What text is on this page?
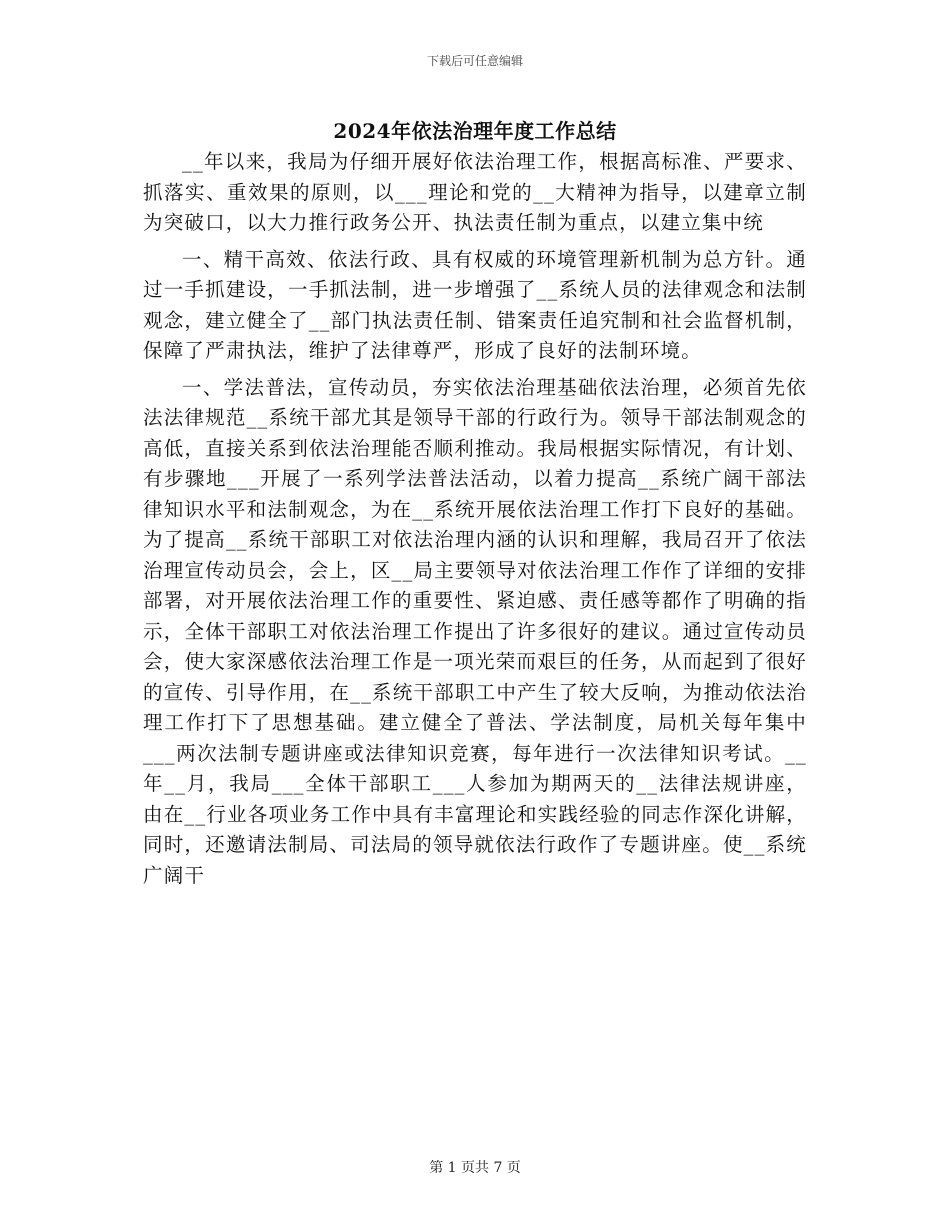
下载后可任意编辑
2024年依法治理年度工作总结

__年以来，我局为仔细开展好依法治理工作，根据高标准、严要求、抓落实、重效果的原则，以___理论和党的__大精神为指导，以建章立制为突破口，以大力推行政务公开、执法责任制为重点，以建立集中统

一、精干高效、依法行政、具有权威的环境管理新机制为总方针。通过一手抓建设，一手抓法制，进一步增强了__系统人员的法律观念和法制观念，建立健全了__部门执法责任制、错案责任追究制和社会监督机制，保障了严肃执法，维护了法律尊严，形成了良好的法制环境。

一、学法普法，宣传动员，夯实依法治理基础依法治理，必须首先依法法律规范__系统干部尤其是领导干部的行政行为。领导干部法制观念的高低，直接关系到依法治理能否顺利推动。我局根据实际情况，有计划、有步骤地___开展了一系列学法普法活动，以着力提高__系统广阔干部法律知识水平和法制观念，为在__系统开展依法治理工作打下良好的基础。为了提高__系统干部职工对依法治理内涵的认识和理解，我局召开了依法治理宣传动员会，会上，区__局主要领导对依法治理工作作了详细的安排部署，对开展依法治理工作的重要性、紧迫感、责任感等都作了明确的指示，全体干部职工对依法治理工作提出了许多很好的建议。通过宣传动员会，使大家深感依法治理工作是一项光荣而艰巨的任务，从而起到了很好的宣传、引导作用，在__系统干部职工中产生了较大反响，为推动依法治理工作打下了思想基础。建立健全了普法、学法制度，局机关每年集中___两次法制专题讲座或法律知识竞赛，每年进行一次法律知识考试。__年__月，我局___全体干部职工___人参加为期两天的__法律法规讲座，由在__行业各项业务工作中具有丰富理论和实践经验的同志作深化讲解，同时，还邀请法制局、司法局的领导就依法行政作了专题讲座。使__系统广阔干

第 1 页共 7 页
